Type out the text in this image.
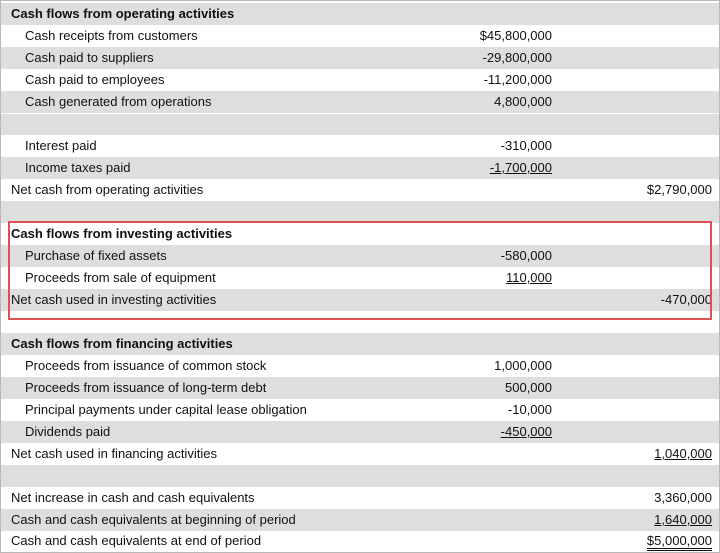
Cash flows from operating activities
Cash receipts from customers	$45,800,000
Cash paid to suppliers	-29,800,000
Cash paid to employees	-11,200,000
Cash generated from operations	4,800,000
Interest paid	-310,000
Income taxes paid	-1,700,000
Net cash from operating activities	$2,790,000
Cash flows from investing activities
Purchase of fixed assets	-580,000
Proceeds from sale of equipment	110,000
Net cash used in investing activities	-470,000
Cash flows from financing activities
Proceeds from issuance of common stock	1,000,000
Proceeds from issuance of long-term debt	500,000
Principal payments under capital lease obligation	-10,000
Dividends paid	-450,000
Net cash used in financing activities	1,040,000
Net increase in cash and cash equivalents	3,360,000
Cash and cash equivalents at beginning of period	1,640,000
Cash and cash equivalents at end of period	$5,000,000
